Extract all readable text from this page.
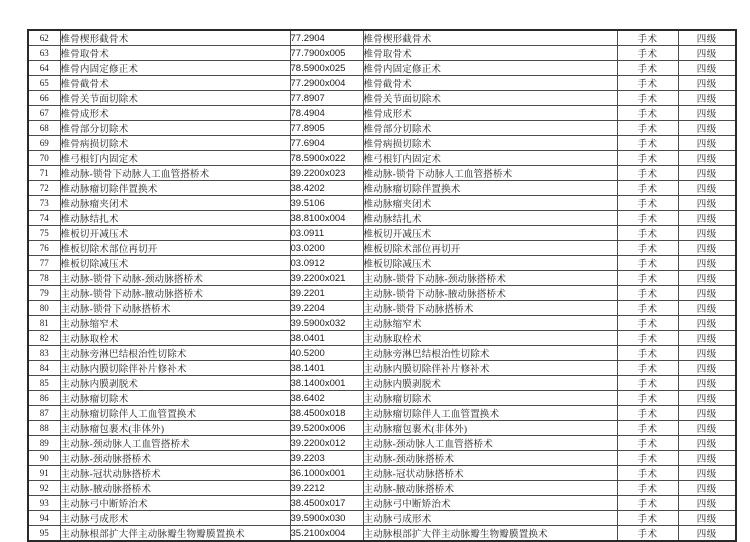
62	椎骨楔形截骨术	77.2904	椎骨楔形截骨术	手术	四级
63	椎骨取骨术	77.7900x005	椎骨取骨术	手术	四级
64	椎骨内固定修正术	78.5900x025	椎骨内固定修正术	手术	四级
65	椎骨截骨术	77.2900x004	椎骨截骨术	手术	四级
66	椎骨关节面切除术	77.8907	椎骨关节面切除术	手术	四级
67	椎骨成形术	78.4904	椎骨成形术	手术	四级
68	椎骨部分切除术	77.8905	椎骨部分切除术	手术	四级
69	椎骨病损切除术	77.6904	椎骨病损切除术	手术	四级
70	椎弓根钉内固定术	78.5900x022	椎弓根钉内固定术	手术	四级
71	椎动脉-锁骨下动脉人工血管搭桥术	39.2200x023	椎动脉-锁骨下动脉人工血管搭桥术	手术	四级
72	椎动脉瘤切除伴置换术	38.4202	椎动脉瘤切除伴置换术	手术	四级
73	椎动脉瘤夹闭术	39.5106	椎动脉瘤夹闭术	手术	四级
74	椎动脉结扎术	38.8100x004	椎动脉结扎术	手术	四级
75	椎板切开减压术	03.0911	椎板切开减压术	手术	四级
76	椎板切除术部位再切开	03.0200	椎板切除术部位再切开	手术	四级
77	椎板切除减压术	03.0912	椎板切除减压术	手术	四级
78	主动脉-锁骨下动脉-颈动脉搭桥术	39.2200x021	主动脉-锁骨下动脉-颈动脉搭桥术	手术	四级
79	主动脉-锁骨下动脉-腋动脉搭桥术	39.2201	主动脉-锁骨下动脉-腋动脉搭桥术	手术	四级
80	主动脉-锁骨下动脉搭桥术	39.2204	主动脉-锁骨下动脉搭桥术	手术	四级
81	主动脉缩窄术	39.5900x032	主动脉缩窄术	手术	四级
82	主动脉取栓术	38.0401	主动脉取栓术	手术	四级
83	主动脉旁淋巴结根治性切除术	40.5200	主动脉旁淋巴结根治性切除术	手术	四级
84	主动脉内膜切除伴补片修补术	38.1401	主动脉内膜切除伴补片修补术	手术	四级
85	主动脉内膜剥脱术	38.1400x001	主动脉内膜剥脱术	手术	四级
86	主动脉瘤切除术	38.6402	主动脉瘤切除术	手术	四级
87	主动脉瘤切除伴人工血管置换术	38.4500x018	主动脉瘤切除伴人工血管置换术	手术	四级
88	主动脉瘤包裹术(非体外)	39.5200x006	主动脉瘤包裹术(非体外)	手术	四级
89	主动脉-颈动脉人工血管搭桥术	39.2200x012	主动脉-颈动脉人工血管搭桥术	手术	四级
90	主动脉-颈动脉搭桥术	39.2203	主动脉-颈动脉搭桥术	手术	四级
91	主动脉-冠状动脉搭桥术	36.1000x001	主动脉-冠状动脉搭桥术	手术	四级
92	主动脉-腋动脉搭桥术	39.2212	主动脉-腋动脉搭桥术	手术	四级
93	主动脉弓中断矫治术	38.4500x017	主动脉弓中断矫治术	手术	四级
94	主动脉弓成形术	39.5900x030	主动脉弓成形术	手术	四级
95	主动脉根部扩大伴主动脉瓣生物瓣膜置换术	35.2100x004	主动脉根部扩大伴主动脉瓣生物瓣膜置换术	手术	四级
